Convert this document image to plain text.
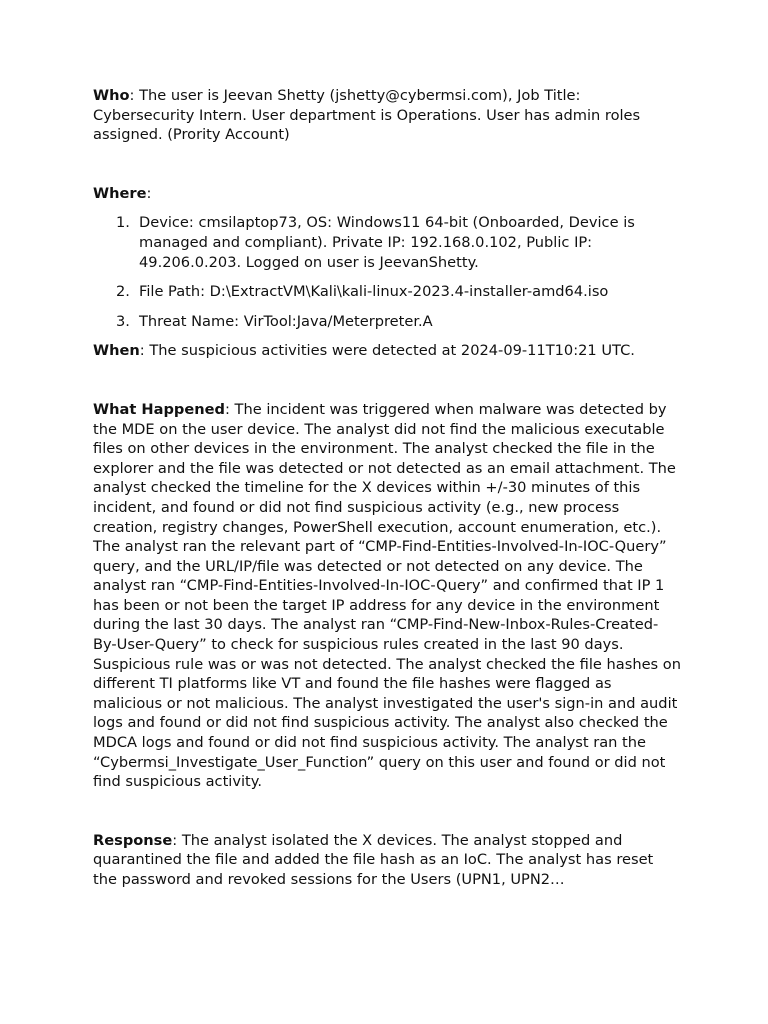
Who: The user is Jeevan Shetty (jshetty@cybermsi.com), Job Title: Cybersecurity Intern. User department is Operations. User has admin roles assigned. (Prority Account)

Where:

1. Device: cmsilaptop73, OS: Windows11 64-bit (Onboarded, Device is managed and compliant). Private IP: 192.168.0.102, Public IP: 49.206.0.203. Logged on user is JeevanShetty.
2. File Path: D:\ExtractVM\Kali\kali-linux-2023.4-installer-amd64.iso
3. Threat Name: VirTool:Java/Meterpreter.A

When: The suspicious activities were detected at 2024-09-11T10:21 UTC.

What Happened: The incident was triggered when malware was detected by the MDE on the user device. The analyst did not find the malicious executable files on other devices in the environment. The analyst checked the file in the explorer and the file was detected or not detected as an email attachment. The analyst checked the timeline for the X devices within +/-30 minutes of this incident, and found or did not find suspicious activity (e.g., new process creation, registry changes, PowerShell execution, account enumeration, etc.). The analyst ran the relevant part of “CMP-Find-Entities-Involved-In-IOC-Query” query, and the URL/IP/file was detected or not detected on any device. The analyst ran “CMP-Find-Entities-Involved-In-IOC-Query” and confirmed that IP 1 has been or not been the target IP address for any device in the environment during the last 30 days. The analyst ran “CMP-Find-New-Inbox-Rules-Created-By-User-Query” to check for suspicious rules created in the last 90 days. Suspicious rule was or was not detected. The analyst checked the file hashes on different TI platforms like VT and found the file hashes were flagged as malicious or not malicious. The analyst investigated the user's sign-in and audit logs and found or did not find suspicious activity. The analyst also checked the MDCA logs and found or did not find suspicious activity. The analyst ran the “Cybermsi_Investigate_User_Function” query on this user and found or did not find suspicious activity.

Response: The analyst isolated the X devices. The analyst stopped and quarantined the file and added the file hash as an IoC. The analyst has reset the password and revoked sessions for the Users (UPN1, UPN2…
